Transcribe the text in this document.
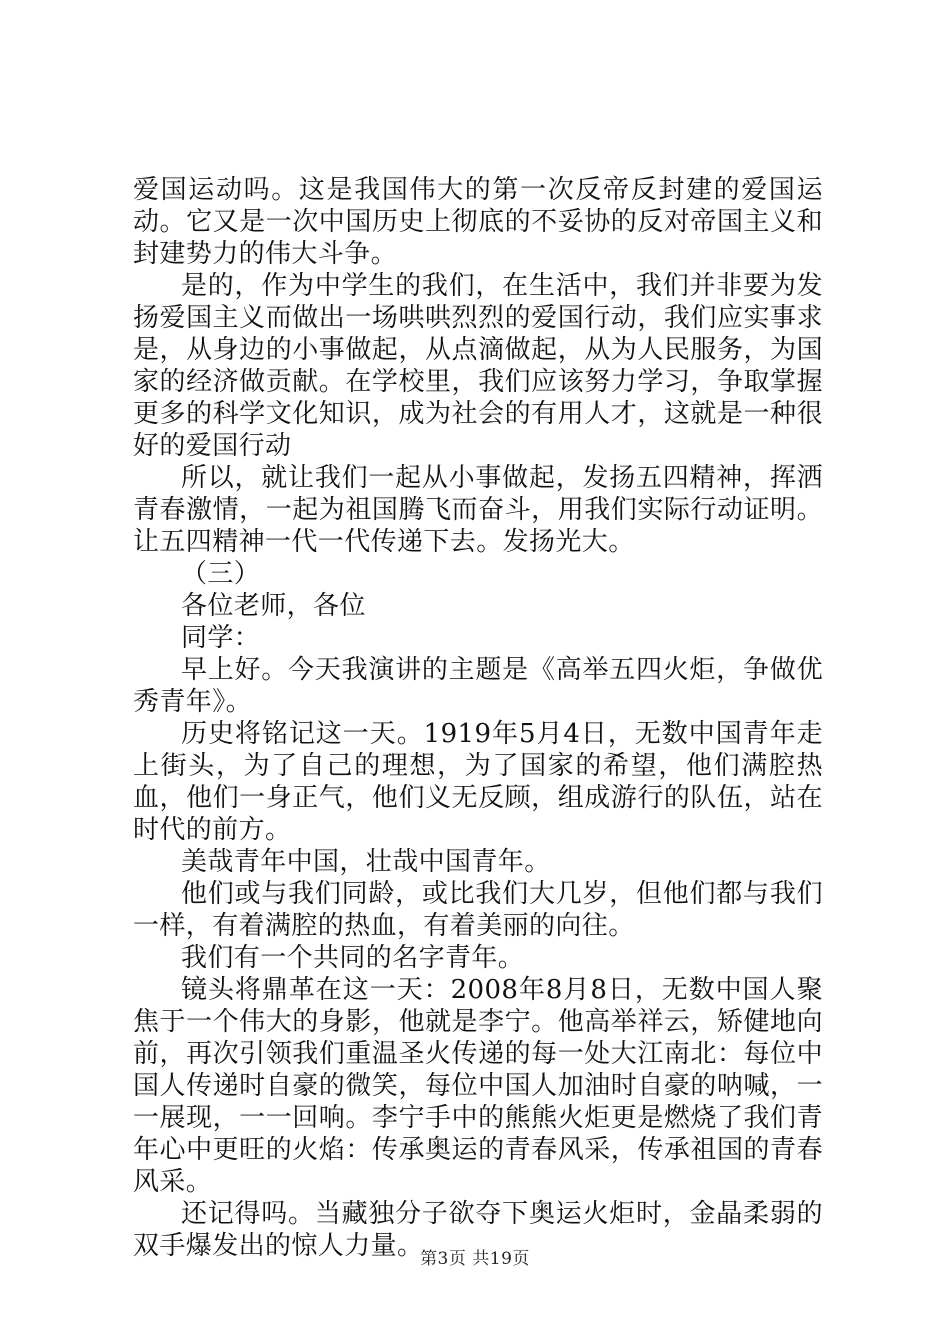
爱国运动吗。这是我国伟大的第一次反帝反封建的爱国运动。它又是一次中国历史上彻底的不妥协的反对帝国主义和封建势力的伟大斗争。

是的，作为中学生的我们，在生活中，我们并非要为发扬爱国主义而做出一场哄哄烈烈的爱国行动，我们应实事求是，从身边的小事做起，从点滴做起，从为人民服务，为国家的经济做贡献。在学校里，我们应该努力学习，争取掌握更多的科学文化知识，成为社会的有用人才，这就是一种很好的爱国行动

所以，就让我们一起从小事做起，发扬五四精神，挥洒青春激情，一起为祖国腾飞而奋斗，用我们实际行动证明。让五四精神一代一代传递下去。发扬光大。

（三）

各位老师，各位

同学：

早上好。今天我演讲的主题是《高举五四火炬，争做优秀青年》。

历史将铭记这一天。1919年5月4日，无数中国青年走上街头，为了自己的理想，为了国家的希望，他们满腔热血，他们一身正气，他们义无反顾，组成游行的队伍，站在时代的前方。

美哉青年中国，壮哉中国青年。

他们或与我们同龄，或比我们大几岁，但他们都与我们一样，有着满腔的热血，有着美丽的向往。

我们有一个共同的名字青年。

镜头将鼎革在这一天：2008年8月8日，无数中国人聚焦于一个伟大的身影，他就是李宁。他高举祥云，矫健地向前，再次引领我们重温圣火传递的每一处大江南北：每位中国人传递时自豪的微笑，每位中国人加油时自豪的呐喊，一一展现，一一回响。李宁手中的熊熊火炬更是燃烧了我们青年心中更旺的火焰：传承奥运的青春风采，传承祖国的青春风采。

还记得吗。当藏独分子欲夺下奥运火炬时，金晶柔弱的双手爆发出的惊人力量。

第3页 共19页
